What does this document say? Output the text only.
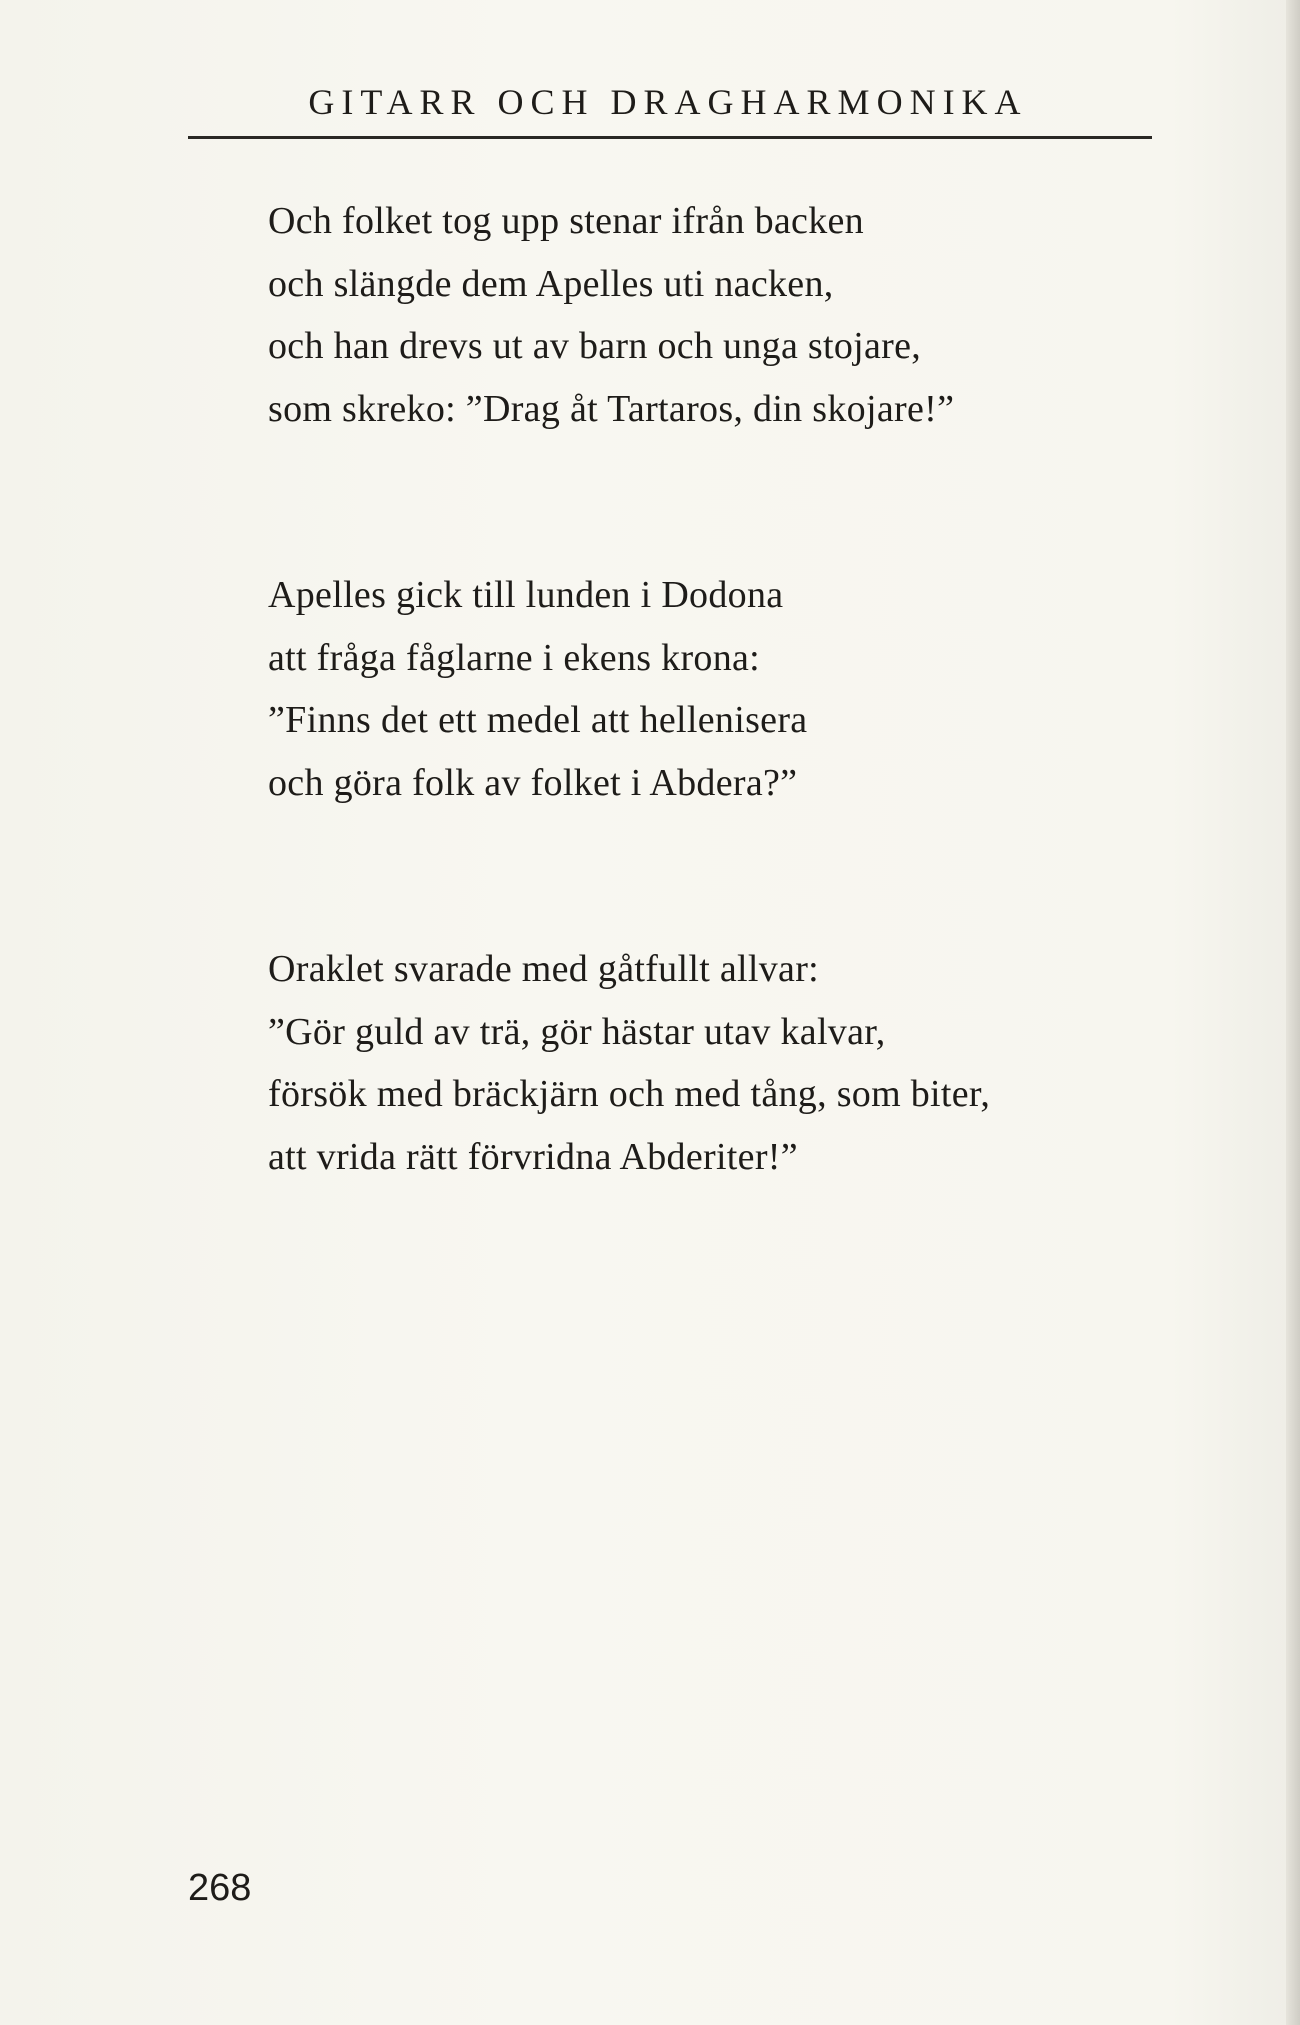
GITARR OCH DRAGHARMONIKA

Och folket tog upp stenar ifrån backen
och slängde dem Apelles uti nacken,
och han drevs ut av barn och unga stojare,
som skreko: ”Drag åt Tartaros, din skojare!”

Apelles gick till lunden i Dodona
att fråga fåglarne i ekens krona:
”Finns det ett medel att hellenisera
och göra folk av folket i Abdera?”

Oraklet svarade med gåtfullt allvar:
”Gör guld av trä, gör hästar utav kalvar,
försök med bräckjärn och med tång, som biter,
att vrida rätt förvridna Abderiter!”

268
